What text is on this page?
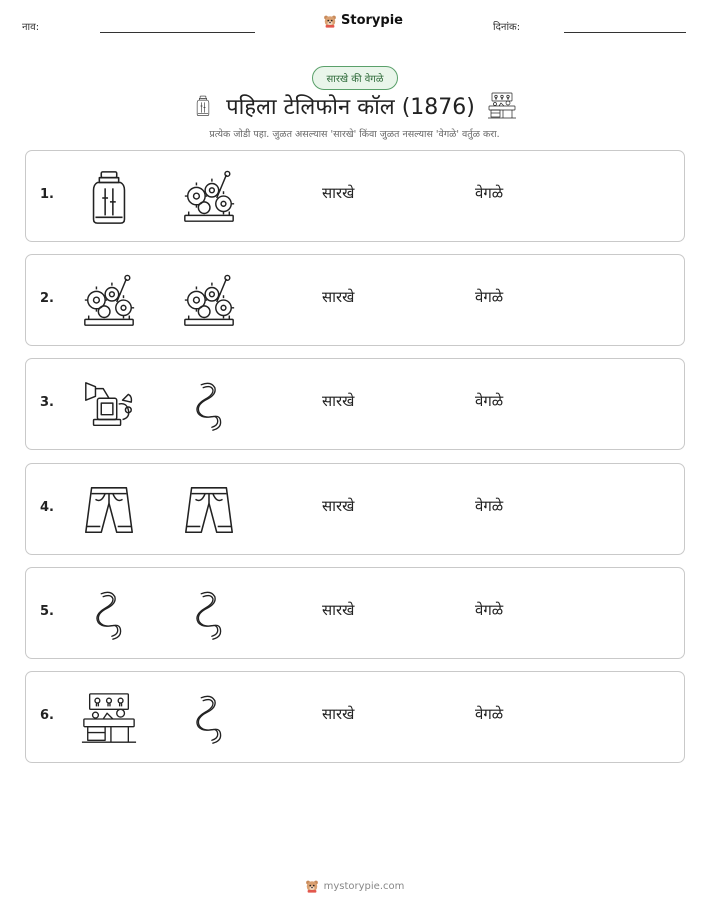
नाव:	Storypie	दिनांक:
सारखे की वेगळे
पहिला टेलिफोन कॉल (1876)
प्रत्येक जोडी पहा. जुळत असल्यास 'सारखे' किंवा जुळत नसल्यास 'वेगळे' वर्तुळ करा.
1.	सारखे	वेगळे
2.	सारखे	वेगळे
3.	सारखे	वेगळे
4.	सारखे	वेगळे
5.	सारखे	वेगळे
6.	सारखे	वेगळे
mystorypie.com
